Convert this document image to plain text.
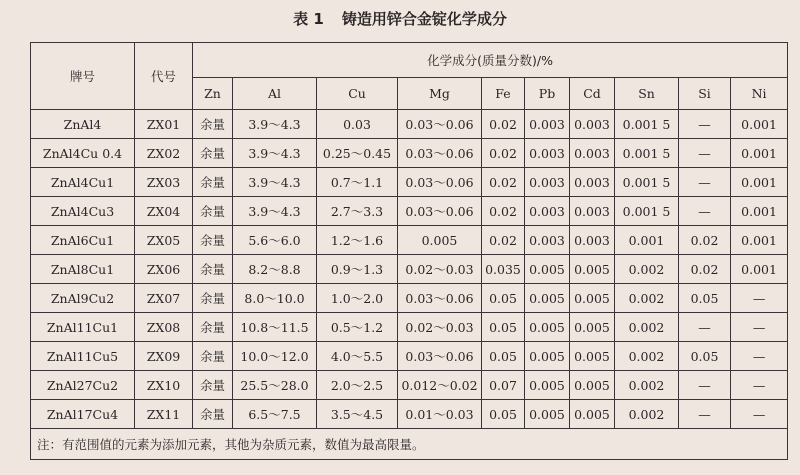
表 1 铸造用锌合金锭化学成分
牌号	代号	化学成分(质量分数)/%									
		Zn	Al	Cu	Mg	Fe	Pb	Cd	Sn	Si	Ni
ZnAl4	ZX01	余量	3.9～4.3	0.03	0.03～0.06	0.02	0.003	0.003	0.001 5	—	0.001
ZnAl4Cu 0.4	ZX02	余量	3.9～4.3	0.25～0.45	0.03～0.06	0.02	0.003	0.003	0.001 5	—	0.001
ZnAl4Cu1	ZX03	余量	3.9～4.3	0.7～1.1	0.03～0.06	0.02	0.003	0.003	0.001 5	—	0.001
ZnAl4Cu3	ZX04	余量	3.9～4.3	2.7～3.3	0.03～0.06	0.02	0.003	0.003	0.001 5	—	0.001
ZnAl6Cu1	ZX05	余量	5.6～6.0	1.2～1.6	0.005	0.02	0.003	0.003	0.001	0.02	0.001
ZnAl8Cu1	ZX06	余量	8.2～8.8	0.9～1.3	0.02～0.03	0.035	0.005	0.005	0.002	0.02	0.001
ZnAl9Cu2	ZX07	余量	8.0～10.0	1.0～2.0	0.03～0.06	0.05	0.005	0.005	0.002	0.05	—
ZnAl11Cu1	ZX08	余量	10.8～11.5	0.5～1.2	0.02～0.03	0.05	0.005	0.005	0.002	—	—
ZnAl11Cu5	ZX09	余量	10.0～12.0	4.0～5.5	0.03～0.06	0.05	0.005	0.005	0.002	0.05	—
ZnAl27Cu2	ZX10	余量	25.5～28.0	2.0～2.5	0.012～0.02	0.07	0.005	0.005	0.002	—	—
ZnAl17Cu4	ZX11	余量	6.5～7.5	3.5～4.5	0.01～0.03	0.05	0.005	0.005	0.002	—	—
注：有范围值的元素为添加元素，其他为杂质元素，数值为最高限量。											
